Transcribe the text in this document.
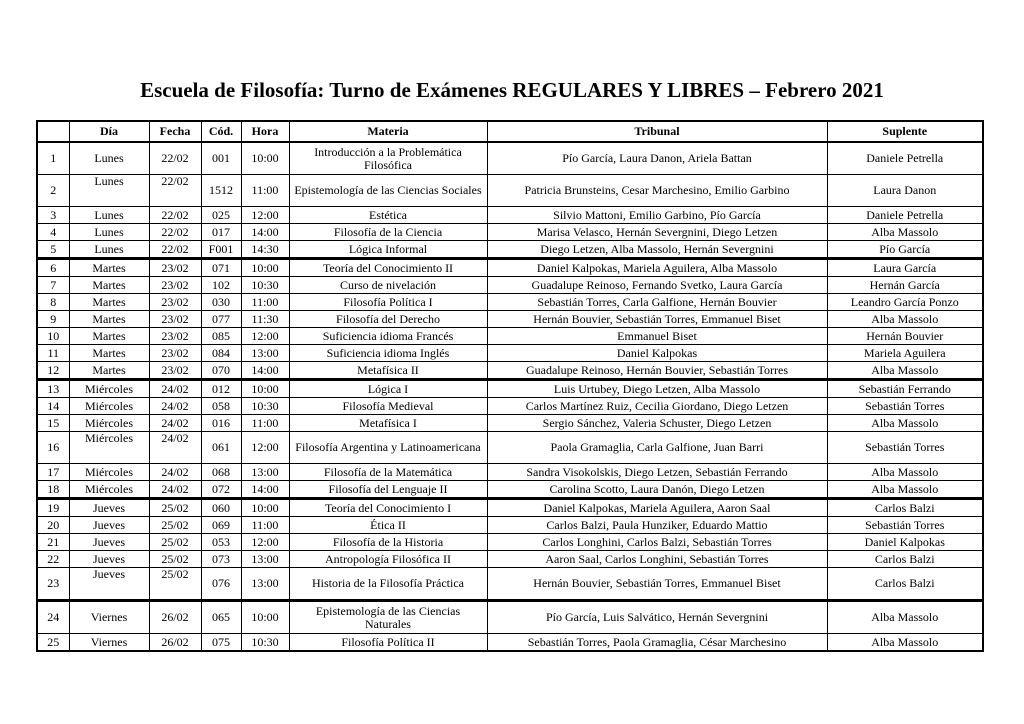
Escuela de Filosofía: Turno de Exámenes REGULARES Y LIBRES – Febrero 2021
	Día	Fecha	Cód.	Hora	Materia	Tribunal	Suplente
1	Lunes	22/02	001	10:00	Introducción a la Problemática Filosófica	Pío García, Laura Danon, Ariela Battan	Daniele Petrella
2	Lunes	22/02	1512	11:00	Epistemología de las Ciencias Sociales	Patricia Brunsteins, Cesar Marchesino, Emilio Garbino	Laura Danon
3	Lunes	22/02	025	12:00	Estética	Silvio Mattoni, Emilio Garbino, Pío García	Daniele Petrella
4	Lunes	22/02	017	14:00	Filosofía de la Ciencia	Marisa Velasco, Hernán Severgnini, Diego Letzen	Alba Massolo
5	Lunes	22/02	F001	14:30	Lógica Informal	Diego Letzen, Alba Massolo, Hernán Severgnini	Pío García
6	Martes	23/02	071	10:00	Teoría del Conocimiento II	Daniel Kalpokas, Mariela Aguilera, Alba Massolo	Laura García
7	Martes	23/02	102	10:30	Curso de nivelación	Guadalupe Reinoso, Fernando Svetko, Laura García	Hernán García
8	Martes	23/02	030	11:00	Filosofía Política I	Sebastián Torres, Carla Galfione, Hernán Bouvier	Leandro García Ponzo
9	Martes	23/02	077	11:30	Filosofía del Derecho	Hernán Bouvier, Sebastián Torres, Emmanuel Biset	Alba Massolo
10	Martes	23/02	085	12:00	Suficiencia idioma Francés	Emmanuel Biset	Hernán Bouvier
11	Martes	23/02	084	13:00	Suficiencia idioma Inglés	Daniel Kalpokas	Mariela Aguilera
12	Martes	23/02	070	14:00	Metafísica II	Guadalupe Reinoso, Hernán Bouvier, Sebastián Torres	Alba Massolo
13	Miércoles	24/02	012	10:00	Lógica I	Luis Urtubey, Diego Letzen, Alba Massolo	Sebastián Ferrando
14	Miércoles	24/02	058	10:30	Filosofía Medieval	Carlos Martínez Ruiz, Cecilia Giordano, Diego Letzen	Sebastián Torres
15	Miércoles	24/02	016	11:00	Metafísica I	Sergio Sánchez, Valeria Schuster, Diego Letzen	Alba Massolo
16	Miércoles	24/02	061	12:00	Filosofía Argentina y Latinoamericana	Paola Gramaglia, Carla Galfione, Juan Barri	Sebastián Torres
17	Miércoles	24/02	068	13:00	Filosofía de la Matemática	Sandra Visokolskis, Diego Letzen, Sebastián Ferrando	Alba Massolo
18	Miércoles	24/02	072	14:00	Filosofía del Lenguaje II	Carolina Scotto, Laura Danón, Diego Letzen	Alba Massolo
19	Jueves	25/02	060	10:00	Teoría del Conocimiento I	Daniel Kalpokas, Mariela Aguilera, Aaron Saal	Carlos Balzi
20	Jueves	25/02	069	11:00	Ética II	Carlos Balzi, Paula Hunziker, Eduardo Mattio	Sebastián Torres
21	Jueves	25/02	053	12:00	Filosofía de la Historia	Carlos Longhini, Carlos Balzi, Sebastián Torres	Daniel Kalpokas
22	Jueves	25/02	073	13:00	Antropología Filosófica II	Aaron Saal, Carlos Longhini, Sebastián Torres	Carlos Balzi
23	Jueves	25/02	076	13:00	Historia de la Filosofía Práctica	Hernán Bouvier, Sebastián Torres, Emmanuel Biset	Carlos Balzi
24	Viernes	26/02	065	10:00	Epistemología de las Ciencias Naturales	Pío García, Luis Salvático, Hernán Severgnini	Alba Massolo
25	Viernes	26/02	075	10:30	Filosofía Política II	Sebastián Torres, Paola Gramaglia, César Marchesino	Alba Massolo
